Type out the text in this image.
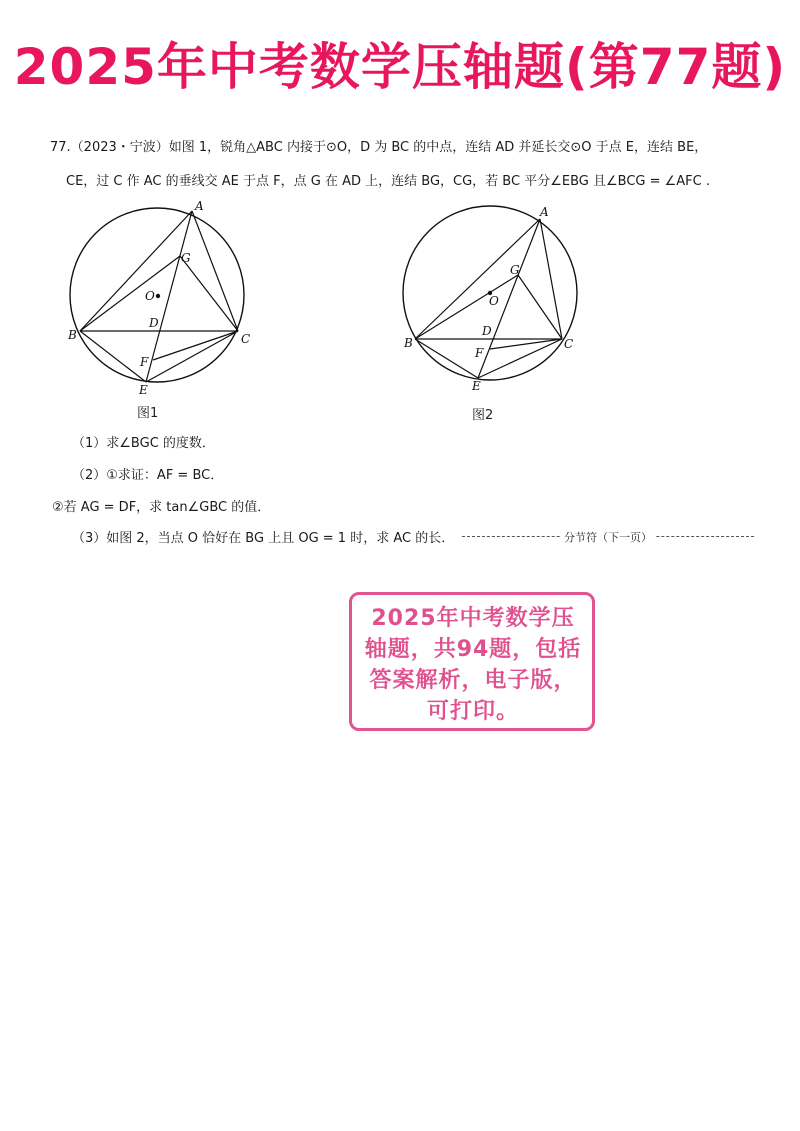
2025年中考数学压轴题(第77题)
77.（2023・宁波）如图 1，锐角△ABC 内接于⊙O，D 为 BC 的中点，连结 AD 并延长交⊙O 于点 E，连结 BE，
CE，过 C 作 AC 的垂线交 AE 于点 F，点 G 在 AD 上，连结 BG，CG，若 BC 平分∠EBG 且∠BCG = ∠AFC .
A
B	C
D
E
F
G
O
图1
A
B	C
D
E
F
G
O
图2
（1）求∠BGC 的度数．
（2）①求证：AF = BC．
②若 AG = DF，求 tan∠GBC 的值．
（3）如图 2，当点 O 恰好在 BG 上且 OG = 1 时，求 AC 的长．	分节符（下一页）
2025年中考数学压轴题，共94题，包括答案解析，电子版，可打印。
